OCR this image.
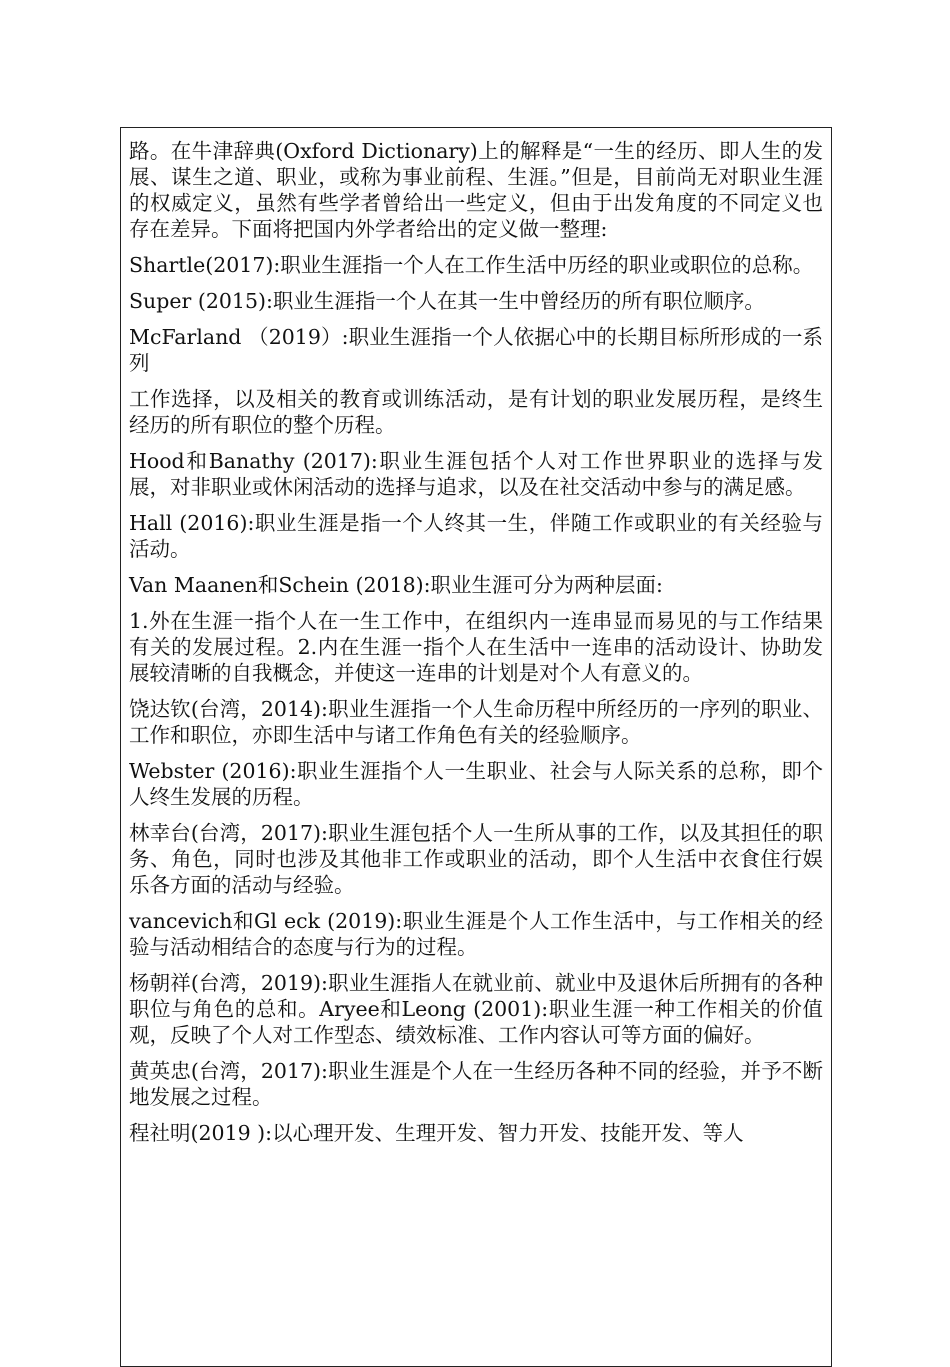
路。在牛津辞典(Oxford Dictionary)上的解释是“一生的经历、即人生的发展、谋生之道、职业，或称为事业前程、生涯。”但是，目前尚无对职业生涯的权威定义，虽然有些学者曾给出一些定义，但由于出发角度的不同定义也存在差异。下面将把国内外学者给出的定义做一整理:

Shartle(2017):职业生涯指一个人在工作生活中历经的职业或职位的总称。

Super (2015):职业生涯指一个人在其一生中曾经历的所有职位顺序。

McFarland （2019）:职业生涯指一个人依据心中的长期目标所形成的一系列

工作选择，以及相关的教育或训练活动，是有计划的职业发展历程，是终生经历的所有职位的整个历程。

Hood和Banathy (2017):职业生涯包括个人对工作世界职业的选择与发展，对非职业或休闲活动的选择与追求，以及在社交活动中参与的满足感。

Hall (2016):职业生涯是指一个人终其一生，伴随工作或职业的有关经验与活动。

Van Maanen和Schein (2018):职业生涯可分为两种层面:

1.外在生涯一指个人在一生工作中，在组织内一连串显而易见的与工作结果有关的发展过程。2.内在生涯一指个人在生活中一连串的活动设计、协助发展较清晰的自我概念，并使这一连串的计划是对个人有意义的。

饶达钦(台湾，2014):职业生涯指一个人生命历程中所经历的一序列的职业、工作和职位，亦即生活中与诸工作角色有关的经验顺序。

Webster (2016):职业生涯指个人一生职业、社会与人际关系的总称，即个人终生发展的历程。

林幸台(台湾，2017):职业生涯包括个人一生所从事的工作，以及其担任的职务、角色，同时也涉及其他非工作或职业的活动，即个人生活中衣食住行娱乐各方面的活动与经验。

vancevich和Gl eck (2019):职业生涯是个人工作生活中，与工作相关的经验与活动相结合的态度与行为的过程。

杨朝祥(台湾，2019):职业生涯指人在就业前、就业中及退休后所拥有的各种职位与角色的总和。Aryee和Leong (2001):职业生涯一种工作相关的价值观，反映了个人对工作型态、绩效标准、工作内容认可等方面的偏好。

黄英忠(台湾，2017):职业生涯是个人在一生经历各种不同的经验，并予不断地发展之过程。

程社明(2019 ):以心理开发、生理开发、智力开发、技能开发、等人
